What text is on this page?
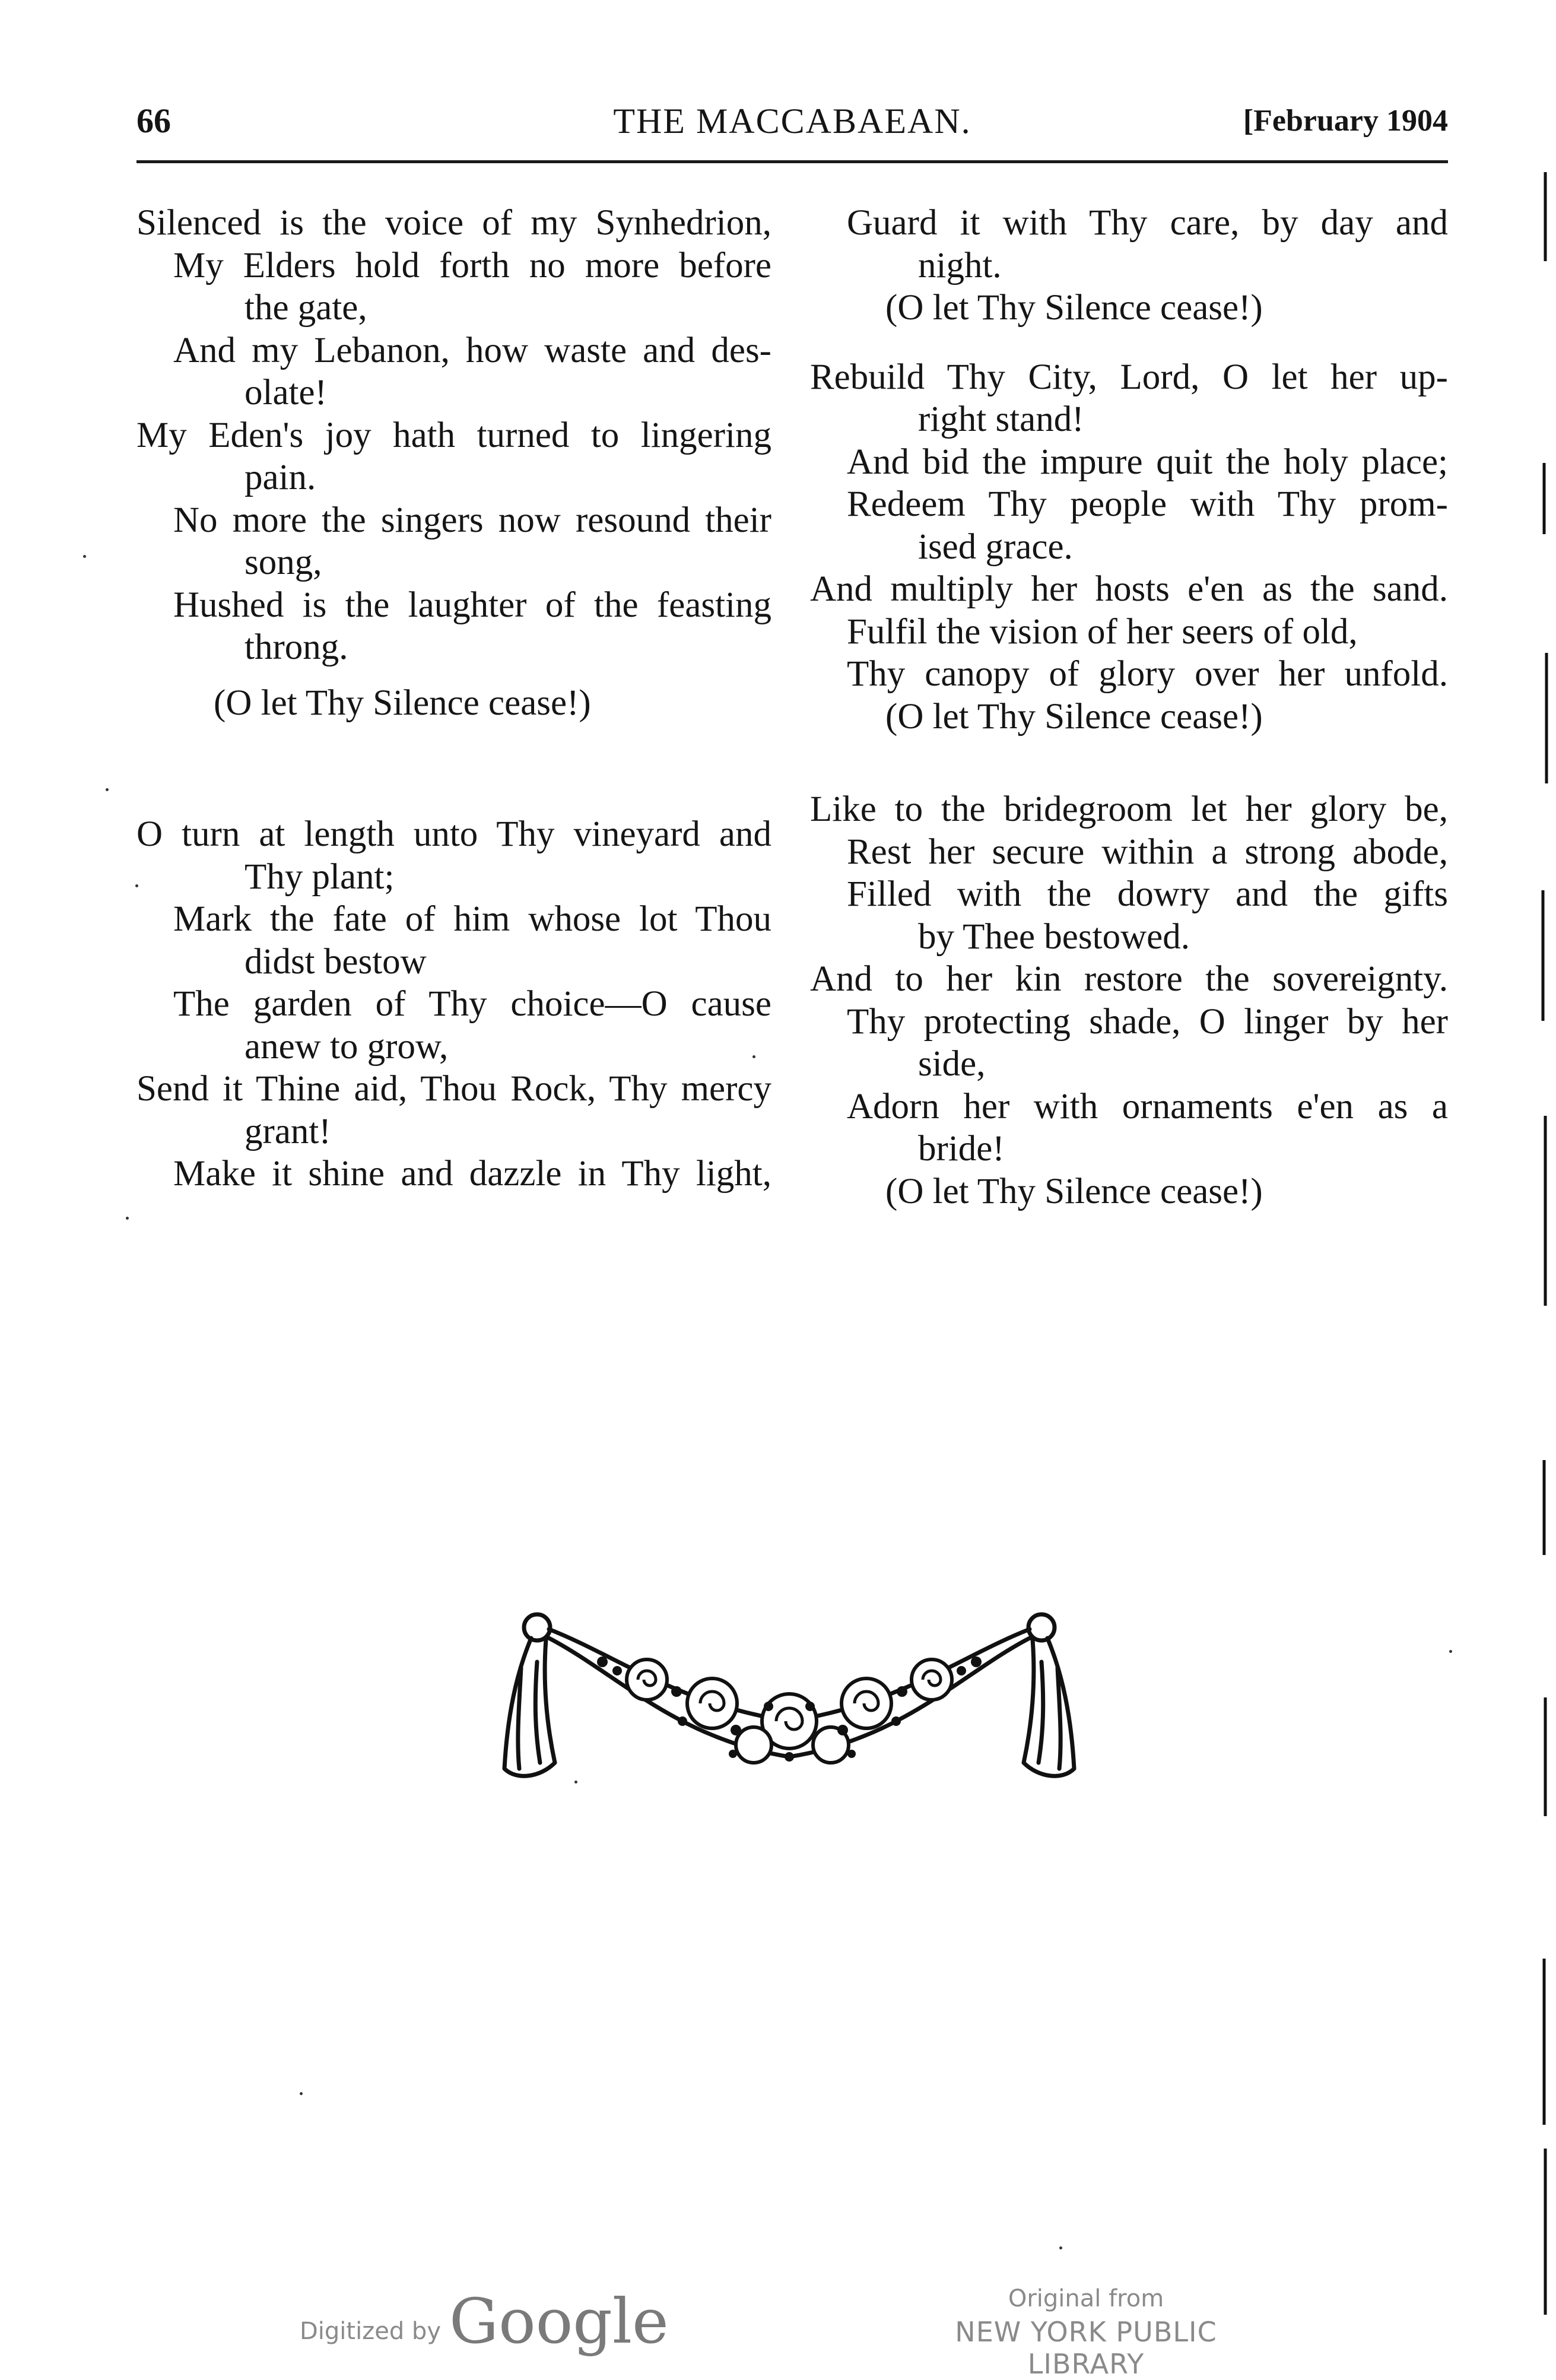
66	THE MACCABAEAN.	[February 1904
Silenced is the voice of my Synhedrion,
My Elders hold forth no more before
the gate,
And my Lebanon, how waste and des-
olate!
My Eden's joy hath turned to lingering
pain.
No more the singers now resound their
song,
Hushed is the laughter of the feasting
throng.
(O let Thy Silence cease!)
O turn at length unto Thy vineyard and
Thy plant;
Mark the fate of him whose lot Thou
didst bestow
The garden of Thy choice—O cause
anew to grow,
Send it Thine aid, Thou Rock, Thy mercy
grant!
Make it shine and dazzle in Thy light,
Guard it with Thy care, by day and
night.
(O let Thy Silence cease!)
Rebuild Thy City, Lord, O let her up-
right stand!
And bid the impure quit the holy place;
Redeem Thy people with Thy prom-
ised grace.
And multiply her hosts e'en as the sand.
Fulfil the vision of her seers of old,
Thy canopy of glory over her unfold.
(O let Thy Silence cease!)
Like to the bridegroom let her glory be,
Rest her secure within a strong abode,
Filled with the dowry and the gifts
by Thee bestowed.
And to her kin restore the sovereignty.
Thy protecting shade, O linger by her
side,
Adorn her with ornaments e'en as a
bride!
(O let Thy Silence cease!)
Digitized by Google	Original from
NEW YORK PUBLIC LIBRARY
